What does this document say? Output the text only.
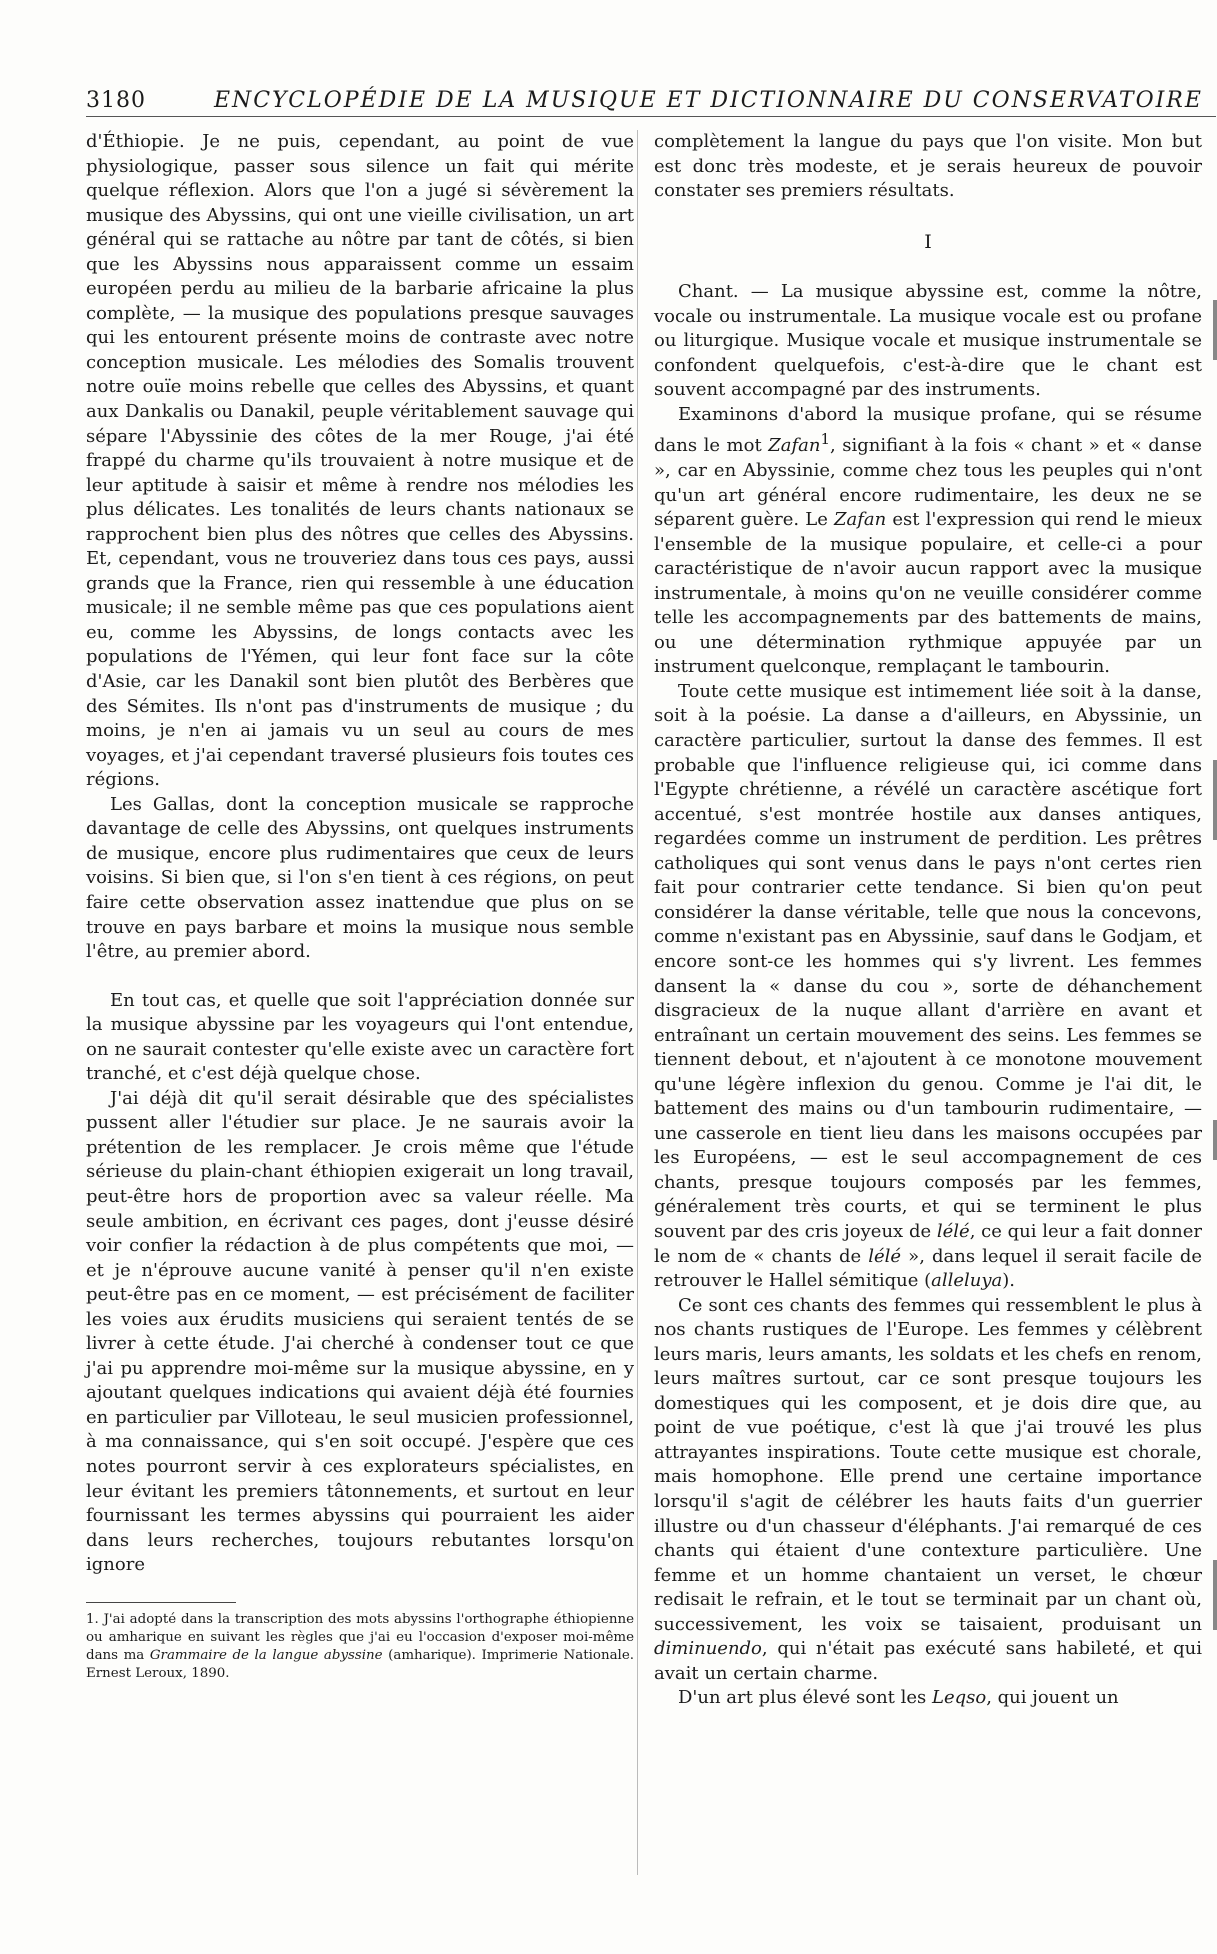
3180	ENCYCLOPÉDIE DE LA MUSIQUE ET DICTIONNAIRE DU CONSERVATOIRE

d'Éthiopie. Je ne puis, cependant, au point de vue physiologique, passer sous silence un fait qui mérite quelque réflexion. Alors que l'on a jugé si sévèrement la musique des Abyssins, qui ont une vieille civilisation, un art général qui se rattache au nôtre par tant de côtés, si bien que les Abyssins nous apparaissent comme un essaim européen perdu au milieu de la barbarie africaine la plus complète, — la musique des populations presque sauvages qui les entourent présente moins de contraste avec notre conception musicale. Les mélodies des Somalis trouvent notre ouïe moins rebelle que celles des Abyssins, et quant aux Dankalis ou Danakil, peuple véritablement sauvage qui sépare l'Abyssinie des côtes de la mer Rouge, j'ai été frappé du charme qu'ils trouvaient à notre musique et de leur aptitude à saisir et même à rendre nos mélodies les plus délicates. Les tonalités de leurs chants nationaux se rapprochent bien plus des nôtres que celles des Abyssins. Et, cependant, vous ne trouveriez dans tous ces pays, aussi grands que la France, rien qui ressemble à une éducation musicale; il ne semble même pas que ces populations aient eu, comme les Abyssins, de longs contacts avec les populations de l'Yémen, qui leur font face sur la côte d'Asie, car les Danakil sont bien plutôt des Berbères que des Sémites. Ils n'ont pas d'instruments de musique ; du moins, je n'en ai jamais vu un seul au cours de mes voyages, et j'ai cependant traversé plusieurs fois toutes ces régions.

Les Gallas, dont la conception musicale se rapproche davantage de celle des Abyssins, ont quelques instruments de musique, encore plus rudimentaires que ceux de leurs voisins. Si bien que, si l'on s'en tient à ces régions, on peut faire cette observation assez inattendue que plus on se trouve en pays barbare et moins la musique nous semble l'être, au premier abord.

En tout cas, et quelle que soit l'appréciation donnée sur la musique abyssine par les voyageurs qui l'ont entendue, on ne saurait contester qu'elle existe avec un caractère fort tranché, et c'est déjà quelque chose.

J'ai déjà dit qu'il serait désirable que des spécialistes pussent aller l'étudier sur place. Je ne saurais avoir la prétention de les remplacer. Je crois même que l'étude sérieuse du plain-chant éthiopien exigerait un long travail, peut-être hors de proportion avec sa valeur réelle. Ma seule ambition, en écrivant ces pages, dont j'eusse désiré voir confier la rédaction à de plus compétents que moi, — et je n'éprouve aucune vanité à penser qu'il n'en existe peut-être pas en ce moment, — est précisément de faciliter les voies aux érudits musiciens qui seraient tentés de se livrer à cette étude. J'ai cherché à condenser tout ce que j'ai pu apprendre moi-même sur la musique abyssine, en y ajoutant quelques indications qui avaient déjà été fournies en particulier par Villoteau, le seul musicien professionnel, à ma connaissance, qui s'en soit occupé. J'espère que ces notes pourront servir à ces explorateurs spécialistes, en leur évitant les premiers tâtonnements, et surtout en leur fournissant les termes abyssins qui pourraient les aider dans leurs recherches, toujours rebutantes lorsqu'on ignore

1. J'ai adopté dans la transcription des mots abyssins l'orthographe éthiopienne ou amharique en suivant les règles que j'ai eu l'occasion d'exposer moi-même dans ma Grammaire de la langue abyssine (amharique). Imprimerie Nationale. Ernest Leroux, 1890.

complètement la langue du pays que l'on visite. Mon but est donc très modeste, et je serais heureux de pouvoir constater ses premiers résultats.

I

Chant. — La musique abyssine est, comme la nôtre, vocale ou instrumentale. La musique vocale est ou profane ou liturgique. Musique vocale et musique instrumentale se confondent quelquefois, c'est-à-dire que le chant est souvent accompagné par des instruments.

Examinons d'abord la musique profane, qui se résume dans le mot Zafan$^1$, signifiant à la fois « chant » et « danse », car en Abyssinie, comme chez tous les peuples qui n'ont qu'un art général encore rudimentaire, les deux ne se séparent guère. Le Zafan est l'expression qui rend le mieux l'ensemble de la musique populaire, et celle-ci a pour caractéristique de n'avoir aucun rapport avec la musique instrumentale, à moins qu'on ne veuille considérer comme telle les accompagnements par des battements de mains, ou une détermination rythmique appuyée par un instrument quelconque, remplaçant le tambourin.

Toute cette musique est intimement liée soit à la danse, soit à la poésie. La danse a d'ailleurs, en Abyssinie, un caractère particulier, surtout la danse des femmes. Il est probable que l'influence religieuse qui, ici comme dans l'Egypte chrétienne, a révélé un caractère ascétique fort accentué, s'est montrée hostile aux danses antiques, regardées comme un instrument de perdition. Les prêtres catholiques qui sont venus dans le pays n'ont certes rien fait pour contrarier cette tendance. Si bien qu'on peut considérer la danse véritable, telle que nous la concevons, comme n'existant pas en Abyssinie, sauf dans le Godjam, et encore sont-ce les hommes qui s'y livrent. Les femmes dansent la « danse du cou », sorte de déhanchement disgracieux de la nuque allant d'arrière en avant et entraînant un certain mouvement des seins. Les femmes se tiennent debout, et n'ajoutent à ce monotone mouvement qu'une légère inflexion du genou. Comme je l'ai dit, le battement des mains ou d'un tambourin rudimentaire, — une casserole en tient lieu dans les maisons occupées par les Européens, — est le seul accompagnement de ces chants, presque toujours composés par les femmes, généralement très courts, et qui se terminent le plus souvent par des cris joyeux de lélé, ce qui leur a fait donner le nom de « chants de lélé », dans lequel il serait facile de retrouver le Hallel sémitique (alleluya).

Ce sont ces chants des femmes qui ressemblent le plus à nos chants rustiques de l'Europe. Les femmes y célèbrent leurs maris, leurs amants, les soldats et les chefs en renom, leurs maîtres surtout, car ce sont presque toujours les domestiques qui les composent, et je dois dire que, au point de vue poétique, c'est là que j'ai trouvé les plus attrayantes inspirations. Toute cette musique est chorale, mais homophone. Elle prend une certaine importance lorsqu'il s'agit de célébrer les hauts faits d'un guerrier illustre ou d'un chasseur d'éléphants. J'ai remarqué de ces chants qui étaient d'une contexture particulière. Une femme et un homme chantaient un verset, le chœur redisait le refrain, et le tout se terminait par un chant où, successivement, les voix se taisaient, produisant un diminuendo, qui n'était pas exécuté sans habileté, et qui avait un certain charme.

D'un art plus élevé sont les Leqso, qui jouent un
